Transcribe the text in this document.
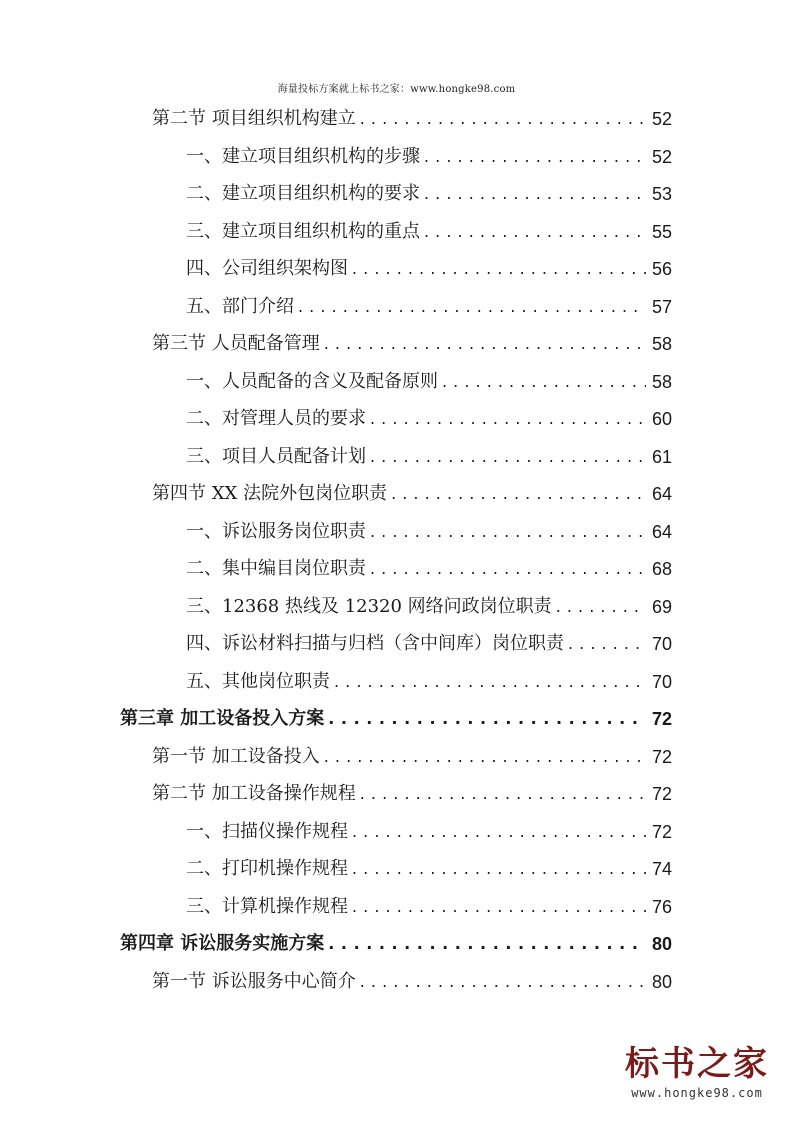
海量投标方案就上标书之家：www.hongke98.com
第二节 项目组织机构建立 . . .	52
一、建立项目组织机构的步骤 . . .	52
二、建立项目组织机构的要求 . . .	53
三、建立项目组织机构的重点 . . .	55
四、公司组织架构图 . . .	56
五、部门介绍 . . .	57
第三节 人员配备管理 . . .	58
一、人员配备的含义及配备原则 . . .	58
二、对管理人员的要求 . . .	60
三、项目人员配备计划 . . .	61
第四节 XX 法院外包岗位职责 . . .	64
一、诉讼服务岗位职责 . . .	64
二、集中编目岗位职责 . . .	68
三、12368 热线及 12320 网络问政岗位职责 . . .	69
四、诉讼材料扫描与归档（含中间库）岗位职责 . . .	70
五、其他岗位职责 . . .	70
第三章 加工设备投入方案 . . .	72
第一节 加工设备投入 . . .	72
第二节 加工设备操作规程 . . .	72
一、扫描仪操作规程 . . .	72
二、打印机操作规程 . . .	74
三、计算机操作规程 . . .	76
第四章 诉讼服务实施方案 . . .	80
第一节 诉讼服务中心简介 . . .	80
标书之家
www.hongke98.com
